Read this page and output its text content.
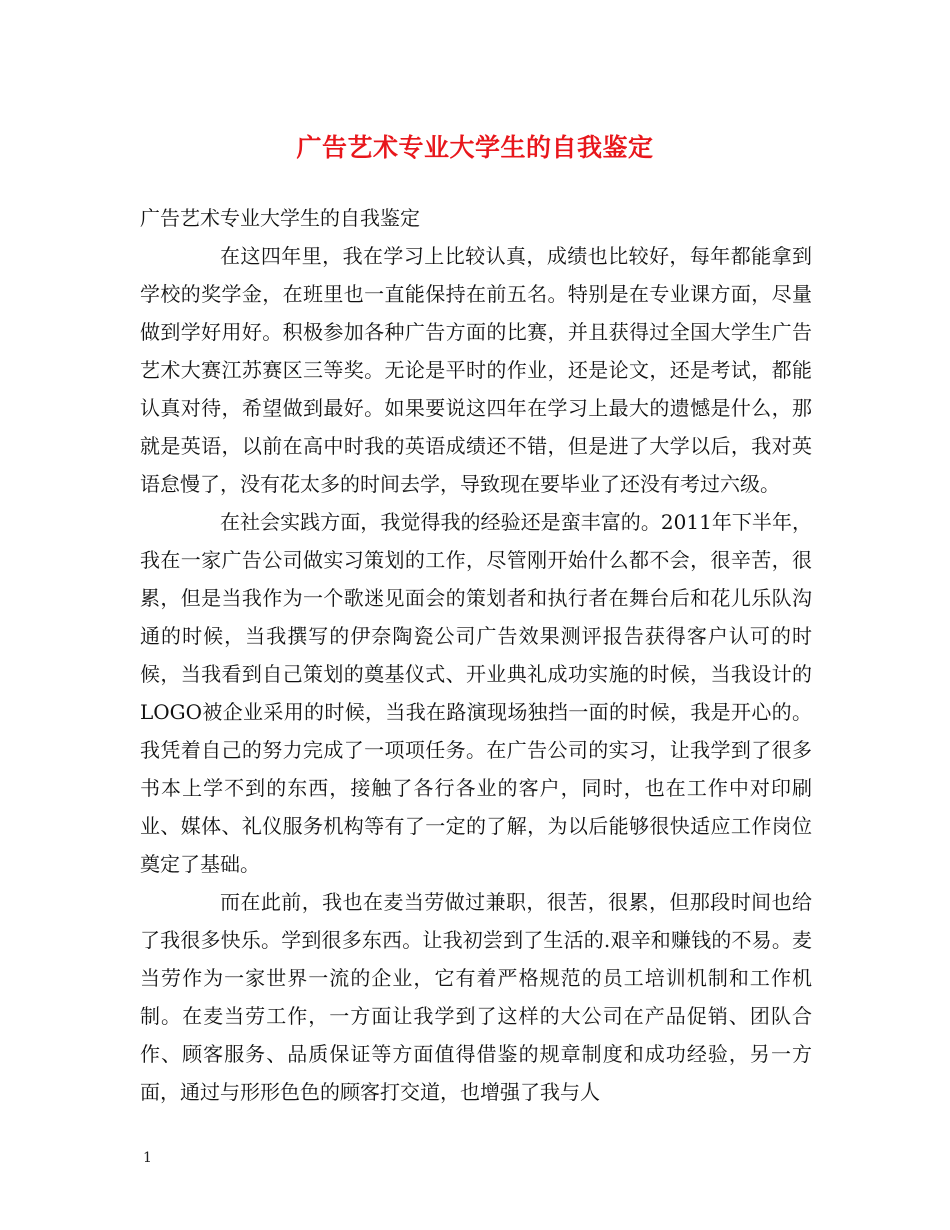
广告艺术专业大学生的自我鉴定

广告艺术专业大学生的自我鉴定

在这四年里，我在学习上比较认真，成绩也比较好，每年都能拿到学校的奖学金，在班里也一直能保持在前五名。特别是在专业课方面，尽量做到学好用好。积极参加各种广告方面的比赛，并且获得过全国大学生广告艺术大赛江苏赛区三等奖。无论是平时的作业，还是论文，还是考试，都能认真对待，希望做到最好。如果要说这四年在学习上最大的遗憾是什么，那就是英语，以前在高中时我的英语成绩还不错，但是进了大学以后，我对英语怠慢了，没有花太多的时间去学，导致现在要毕业了还没有考过六级。

在社会实践方面，我觉得我的经验还是蛮丰富的。2011年下半年，我在一家广告公司做实习策划的工作，尽管刚开始什么都不会，很辛苦，很累，但是当我作为一个歌迷见面会的策划者和执行者在舞台后和花儿乐队沟通的时候，当我撰写的伊奈陶瓷公司广告效果测评报告获得客户认可的时候，当我看到自己策划的奠基仪式、开业典礼成功实施的时候，当我设计的LOGO被企业采用的时候，当我在路演现场独挡一面的时候，我是开心的。我凭着自己的努力完成了一项项任务。在广告公司的实习，让我学到了很多书本上学不到的东西，接触了各行各业的客户，同时，也在工作中对印刷业、媒体、礼仪服务机构等有了一定的了解，为以后能够很快适应工作岗位奠定了基础。

而在此前，我也在麦当劳做过兼职，很苦，很累，但那段时间也给了我很多快乐。学到很多东西。让我初尝到了生活的.艰辛和赚钱的不易。麦当劳作为一家世界一流的企业，它有着严格规范的员工培训机制和工作机制。在麦当劳工作，一方面让我学到了这样的大公司在产品促销、团队合作、顾客服务、品质保证等方面值得借鉴的规章制度和成功经验，另一方面，通过与形形色色的顾客打交道，也增强了我与人

1
